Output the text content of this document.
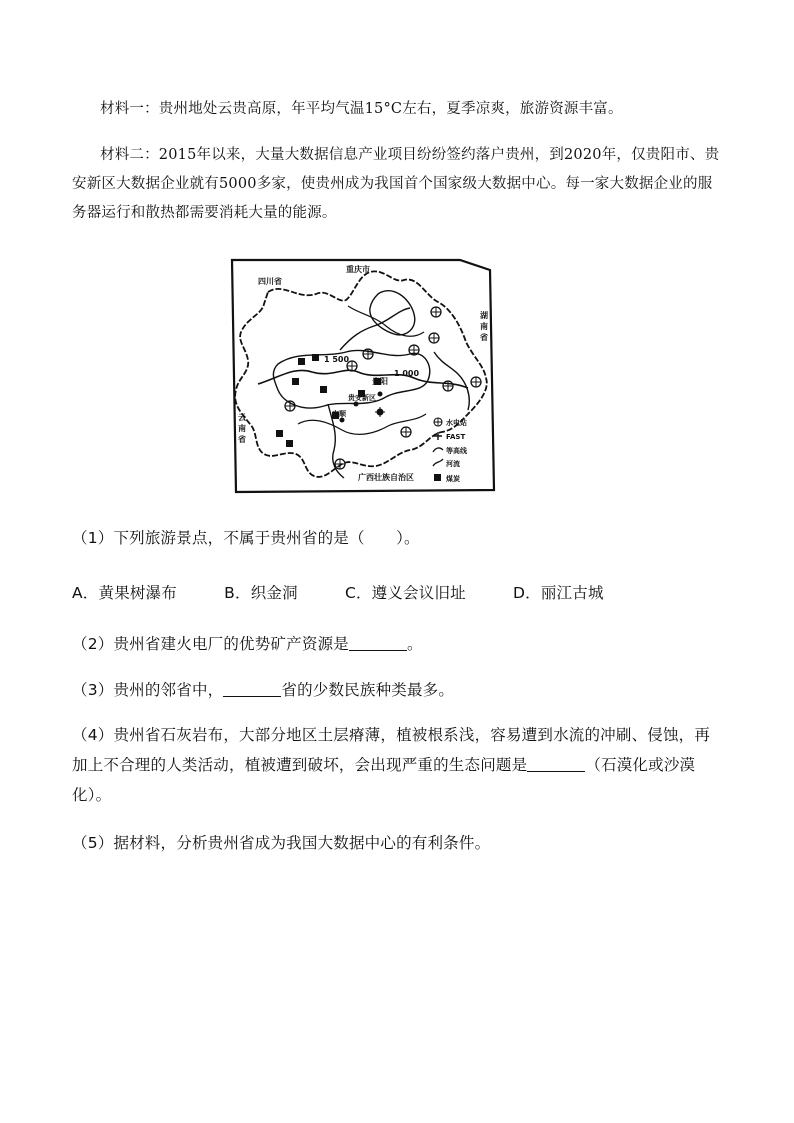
材料一：贵州地处云贵高原，年平均气温15°C左右，夏季凉爽，旅游资源丰富。
材料二：2015年以来，大量大数据信息产业项目纷纷签约落户贵州，到2020年，仅贵阳市、贵安新区大数据企业就有5000多家，使贵州成为我国首个国家级大数据中心。每一家大数据企业的服务器运行和散热都需要消耗大量的能源。
四川省
重庆市
贵阳
贵安新区
安顺
1 500
1 000
广西壮族自治区
湖南省
云南省
水电站
FAST
等高线
河流
煤炭
（1）下列旅游景点，不属于贵州省的是（　　）。
A．黄果树瀑布	B．织金洞	C．遵义会议旧址	D．丽江古城
（2）贵州省建火电厂的优势矿产资源是	。
（3）贵州的邻省中，	省的少数民族种类最多。
（4）贵州省石灰岩布，大部分地区土层瘠薄，植被根系浅，容易遭到水流的冲刷、侵蚀，再加上不合理的人类活动，植被遭到破坏，会出现严重的生态问题是	（石漠化或沙漠化）。
（5）据材料，分析贵州省成为我国大数据中心的有利条件。
